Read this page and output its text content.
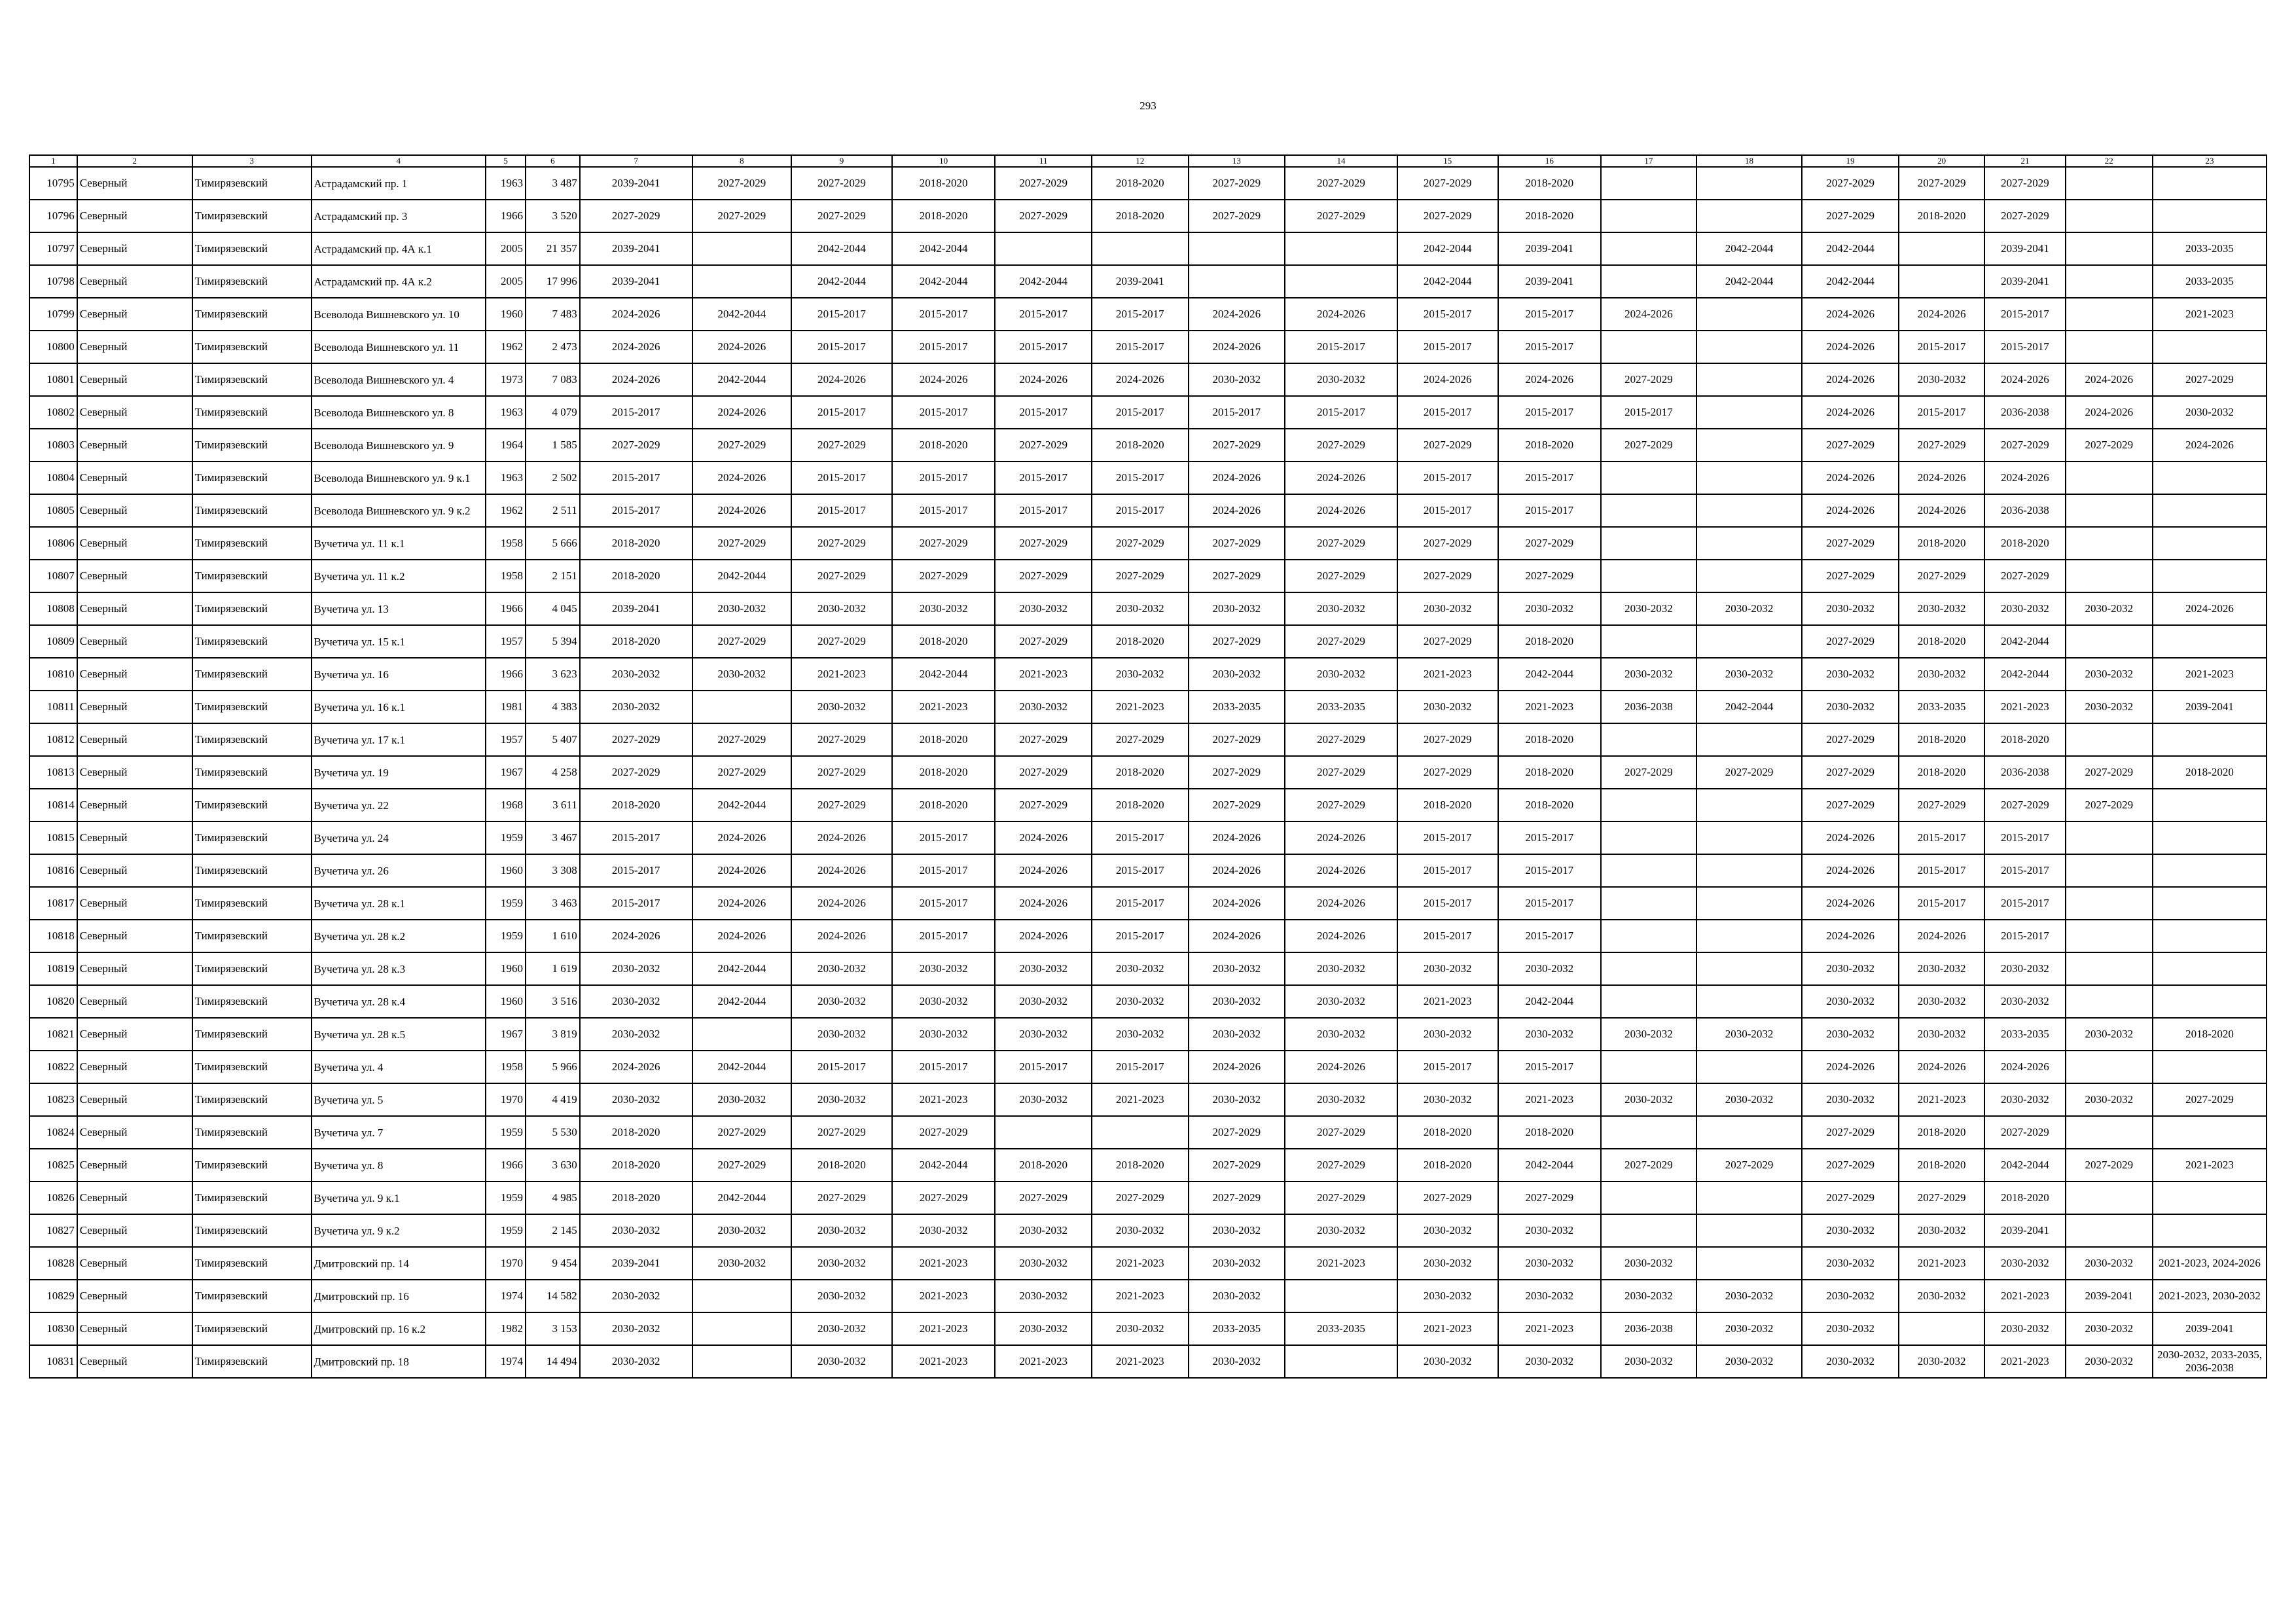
293
1	2	3	4	5	6	7	8	9	10	11	12	13	14	15	16	17	18	19	20	21	22	23
10795	Северный	Тимирязевский	Астрадамский пр. 1	1963	3 487	2039-2041	2027-2029	2027-2029	2018-2020	2027-2029	2018-2020	2027-2029	2027-2029	2027-2029	2018-2020			2027-2029	2027-2029	2027-2029		
10796	Северный	Тимирязевский	Астрадамский пр. 3	1966	3 520	2027-2029	2027-2029	2027-2029	2018-2020	2027-2029	2018-2020	2027-2029	2027-2029	2027-2029	2018-2020			2027-2029	2018-2020	2027-2029		
10797	Северный	Тимирязевский	Астрадамский пр. 4А к.1	2005	21 357	2039-2041		2042-2044	2042-2044					2042-2044	2039-2041		2042-2044	2042-2044		2039-2041		2033-2035
10798	Северный	Тимирязевский	Астрадамский пр. 4А к.2	2005	17 996	2039-2041		2042-2044	2042-2044	2042-2044	2039-2041			2042-2044	2039-2041		2042-2044	2042-2044		2039-2041		2033-2035
10799	Северный	Тимирязевский	Всеволода Вишневского ул. 10	1960	7 483	2024-2026	2042-2044	2015-2017	2015-2017	2015-2017	2015-2017	2024-2026	2024-2026	2015-2017	2015-2017	2024-2026		2024-2026	2024-2026	2015-2017		2021-2023
10800	Северный	Тимирязевский	Всеволода Вишневского ул. 11	1962	2 473	2024-2026	2024-2026	2015-2017	2015-2017	2015-2017	2015-2017	2024-2026	2015-2017	2015-2017	2015-2017			2024-2026	2015-2017	2015-2017		
10801	Северный	Тимирязевский	Всеволода Вишневского ул. 4	1973	7 083	2024-2026	2042-2044	2024-2026	2024-2026	2024-2026	2024-2026	2030-2032	2030-2032	2024-2026	2024-2026	2027-2029		2024-2026	2030-2032	2024-2026	2024-2026	2027-2029
10802	Северный	Тимирязевский	Всеволода Вишневского ул. 8	1963	4 079	2015-2017	2024-2026	2015-2017	2015-2017	2015-2017	2015-2017	2015-2017	2015-2017	2015-2017	2015-2017	2015-2017		2024-2026	2015-2017	2036-2038	2024-2026	2030-2032
10803	Северный	Тимирязевский	Всеволода Вишневского ул. 9	1964	1 585	2027-2029	2027-2029	2027-2029	2018-2020	2027-2029	2018-2020	2027-2029	2027-2029	2027-2029	2018-2020	2027-2029		2027-2029	2027-2029	2027-2029	2027-2029	2024-2026
10804	Северный	Тимирязевский	Всеволода Вишневского ул. 9 к.1	1963	2 502	2015-2017	2024-2026	2015-2017	2015-2017	2015-2017	2015-2017	2024-2026	2024-2026	2015-2017	2015-2017			2024-2026	2024-2026	2024-2026		
10805	Северный	Тимирязевский	Всеволода Вишневского ул. 9 к.2	1962	2 511	2015-2017	2024-2026	2015-2017	2015-2017	2015-2017	2015-2017	2024-2026	2024-2026	2015-2017	2015-2017			2024-2026	2024-2026	2036-2038		
10806	Северный	Тимирязевский	Вучетича ул. 11 к.1	1958	5 666	2018-2020	2027-2029	2027-2029	2027-2029	2027-2029	2027-2029	2027-2029	2027-2029	2027-2029	2027-2029			2027-2029	2018-2020	2018-2020		
10807	Северный	Тимирязевский	Вучетича ул. 11 к.2	1958	2 151	2018-2020	2042-2044	2027-2029	2027-2029	2027-2029	2027-2029	2027-2029	2027-2029	2027-2029	2027-2029			2027-2029	2027-2029	2027-2029		
10808	Северный	Тимирязевский	Вучетича ул. 13	1966	4 045	2039-2041	2030-2032	2030-2032	2030-2032	2030-2032	2030-2032	2030-2032	2030-2032	2030-2032	2030-2032	2030-2032	2030-2032	2030-2032	2030-2032	2030-2032	2030-2032	2024-2026
10809	Северный	Тимирязевский	Вучетича ул. 15 к.1	1957	5 394	2018-2020	2027-2029	2027-2029	2018-2020	2027-2029	2018-2020	2027-2029	2027-2029	2027-2029	2018-2020			2027-2029	2018-2020	2042-2044		
10810	Северный	Тимирязевский	Вучетича ул. 16	1966	3 623	2030-2032	2030-2032	2021-2023	2042-2044	2021-2023	2030-2032	2030-2032	2030-2032	2021-2023	2042-2044	2030-2032	2030-2032	2030-2032	2030-2032	2042-2044	2030-2032	2021-2023
10811	Северный	Тимирязевский	Вучетича ул. 16 к.1	1981	4 383	2030-2032		2030-2032	2021-2023	2030-2032	2021-2023	2033-2035	2033-2035	2030-2032	2021-2023	2036-2038	2042-2044	2030-2032	2033-2035	2021-2023	2030-2032	2039-2041
10812	Северный	Тимирязевский	Вучетича ул. 17 к.1	1957	5 407	2027-2029	2027-2029	2027-2029	2018-2020	2027-2029	2027-2029	2027-2029	2027-2029	2027-2029	2018-2020			2027-2029	2018-2020	2018-2020		
10813	Северный	Тимирязевский	Вучетича ул. 19	1967	4 258	2027-2029	2027-2029	2027-2029	2018-2020	2027-2029	2018-2020	2027-2029	2027-2029	2027-2029	2018-2020	2027-2029	2027-2029	2027-2029	2018-2020	2036-2038	2027-2029	2018-2020
10814	Северный	Тимирязевский	Вучетича ул. 22	1968	3 611	2018-2020	2042-2044	2027-2029	2018-2020	2027-2029	2018-2020	2027-2029	2027-2029	2018-2020	2018-2020			2027-2029	2027-2029	2027-2029	2027-2029	
10815	Северный	Тимирязевский	Вучетича ул. 24	1959	3 467	2015-2017	2024-2026	2024-2026	2015-2017	2024-2026	2015-2017	2024-2026	2024-2026	2015-2017	2015-2017			2024-2026	2015-2017	2015-2017		
10816	Северный	Тимирязевский	Вучетича ул. 26	1960	3 308	2015-2017	2024-2026	2024-2026	2015-2017	2024-2026	2015-2017	2024-2026	2024-2026	2015-2017	2015-2017			2024-2026	2015-2017	2015-2017		
10817	Северный	Тимирязевский	Вучетича ул. 28 к.1	1959	3 463	2015-2017	2024-2026	2024-2026	2015-2017	2024-2026	2015-2017	2024-2026	2024-2026	2015-2017	2015-2017			2024-2026	2015-2017	2015-2017		
10818	Северный	Тимирязевский	Вучетича ул. 28 к.2	1959	1 610	2024-2026	2024-2026	2024-2026	2015-2017	2024-2026	2015-2017	2024-2026	2024-2026	2015-2017	2015-2017			2024-2026	2024-2026	2015-2017		
10819	Северный	Тимирязевский	Вучетича ул. 28 к.3	1960	1 619	2030-2032	2042-2044	2030-2032	2030-2032	2030-2032	2030-2032	2030-2032	2030-2032	2030-2032	2030-2032			2030-2032	2030-2032	2030-2032		
10820	Северный	Тимирязевский	Вучетича ул. 28 к.4	1960	3 516	2030-2032	2042-2044	2030-2032	2030-2032	2030-2032	2030-2032	2030-2032	2030-2032	2021-2023	2042-2044			2030-2032	2030-2032	2030-2032		
10821	Северный	Тимирязевский	Вучетича ул. 28 к.5	1967	3 819	2030-2032		2030-2032	2030-2032	2030-2032	2030-2032	2030-2032	2030-2032	2030-2032	2030-2032	2030-2032	2030-2032	2030-2032	2030-2032	2033-2035	2030-2032	2018-2020
10822	Северный	Тимирязевский	Вучетича ул. 4	1958	5 966	2024-2026	2042-2044	2015-2017	2015-2017	2015-2017	2015-2017	2024-2026	2024-2026	2015-2017	2015-2017			2024-2026	2024-2026	2024-2026		
10823	Северный	Тимирязевский	Вучетича ул. 5	1970	4 419	2030-2032	2030-2032	2030-2032	2021-2023	2030-2032	2021-2023	2030-2032	2030-2032	2030-2032	2021-2023	2030-2032	2030-2032	2030-2032	2021-2023	2030-2032	2030-2032	2027-2029
10824	Северный	Тимирязевский	Вучетича ул. 7	1959	5 530	2018-2020	2027-2029	2027-2029	2027-2029			2027-2029	2027-2029	2018-2020	2018-2020			2027-2029	2018-2020	2027-2029		
10825	Северный	Тимирязевский	Вучетича ул. 8	1966	3 630	2018-2020	2027-2029	2018-2020	2042-2044	2018-2020	2018-2020	2027-2029	2027-2029	2018-2020	2042-2044	2027-2029	2027-2029	2027-2029	2018-2020	2042-2044	2027-2029	2021-2023
10826	Северный	Тимирязевский	Вучетича ул. 9 к.1	1959	4 985	2018-2020	2042-2044	2027-2029	2027-2029	2027-2029	2027-2029	2027-2029	2027-2029	2027-2029	2027-2029			2027-2029	2027-2029	2018-2020		
10827	Северный	Тимирязевский	Вучетича ул. 9 к.2	1959	2 145	2030-2032	2030-2032	2030-2032	2030-2032	2030-2032	2030-2032	2030-2032	2030-2032	2030-2032	2030-2032			2030-2032	2030-2032	2039-2041		
10828	Северный	Тимирязевский	Дмитровский пр. 14	1970	9 454	2039-2041	2030-2032	2030-2032	2021-2023	2030-2032	2021-2023	2030-2032	2021-2023	2030-2032	2030-2032	2030-2032		2030-2032	2021-2023	2030-2032	2030-2032	2021-2023, 2024-2026
10829	Северный	Тимирязевский	Дмитровский пр. 16	1974	14 582	2030-2032		2030-2032	2021-2023	2030-2032	2021-2023	2030-2032		2030-2032	2030-2032	2030-2032	2030-2032	2030-2032	2030-2032	2021-2023	2039-2041	2021-2023, 2030-2032
10830	Северный	Тимирязевский	Дмитровский пр. 16 к.2	1982	3 153	2030-2032		2030-2032	2021-2023	2030-2032	2030-2032	2033-2035	2033-2035	2021-2023	2021-2023	2036-2038	2030-2032	2030-2032		2030-2032	2030-2032	2039-2041
10831	Северный	Тимирязевский	Дмитровский пр. 18	1974	14 494	2030-2032		2030-2032	2021-2023	2021-2023	2021-2023	2030-2032		2030-2032	2030-2032	2030-2032	2030-2032	2030-2032	2030-2032	2021-2023	2030-2032	2030-2032, 2033-2035, 2036-2038
